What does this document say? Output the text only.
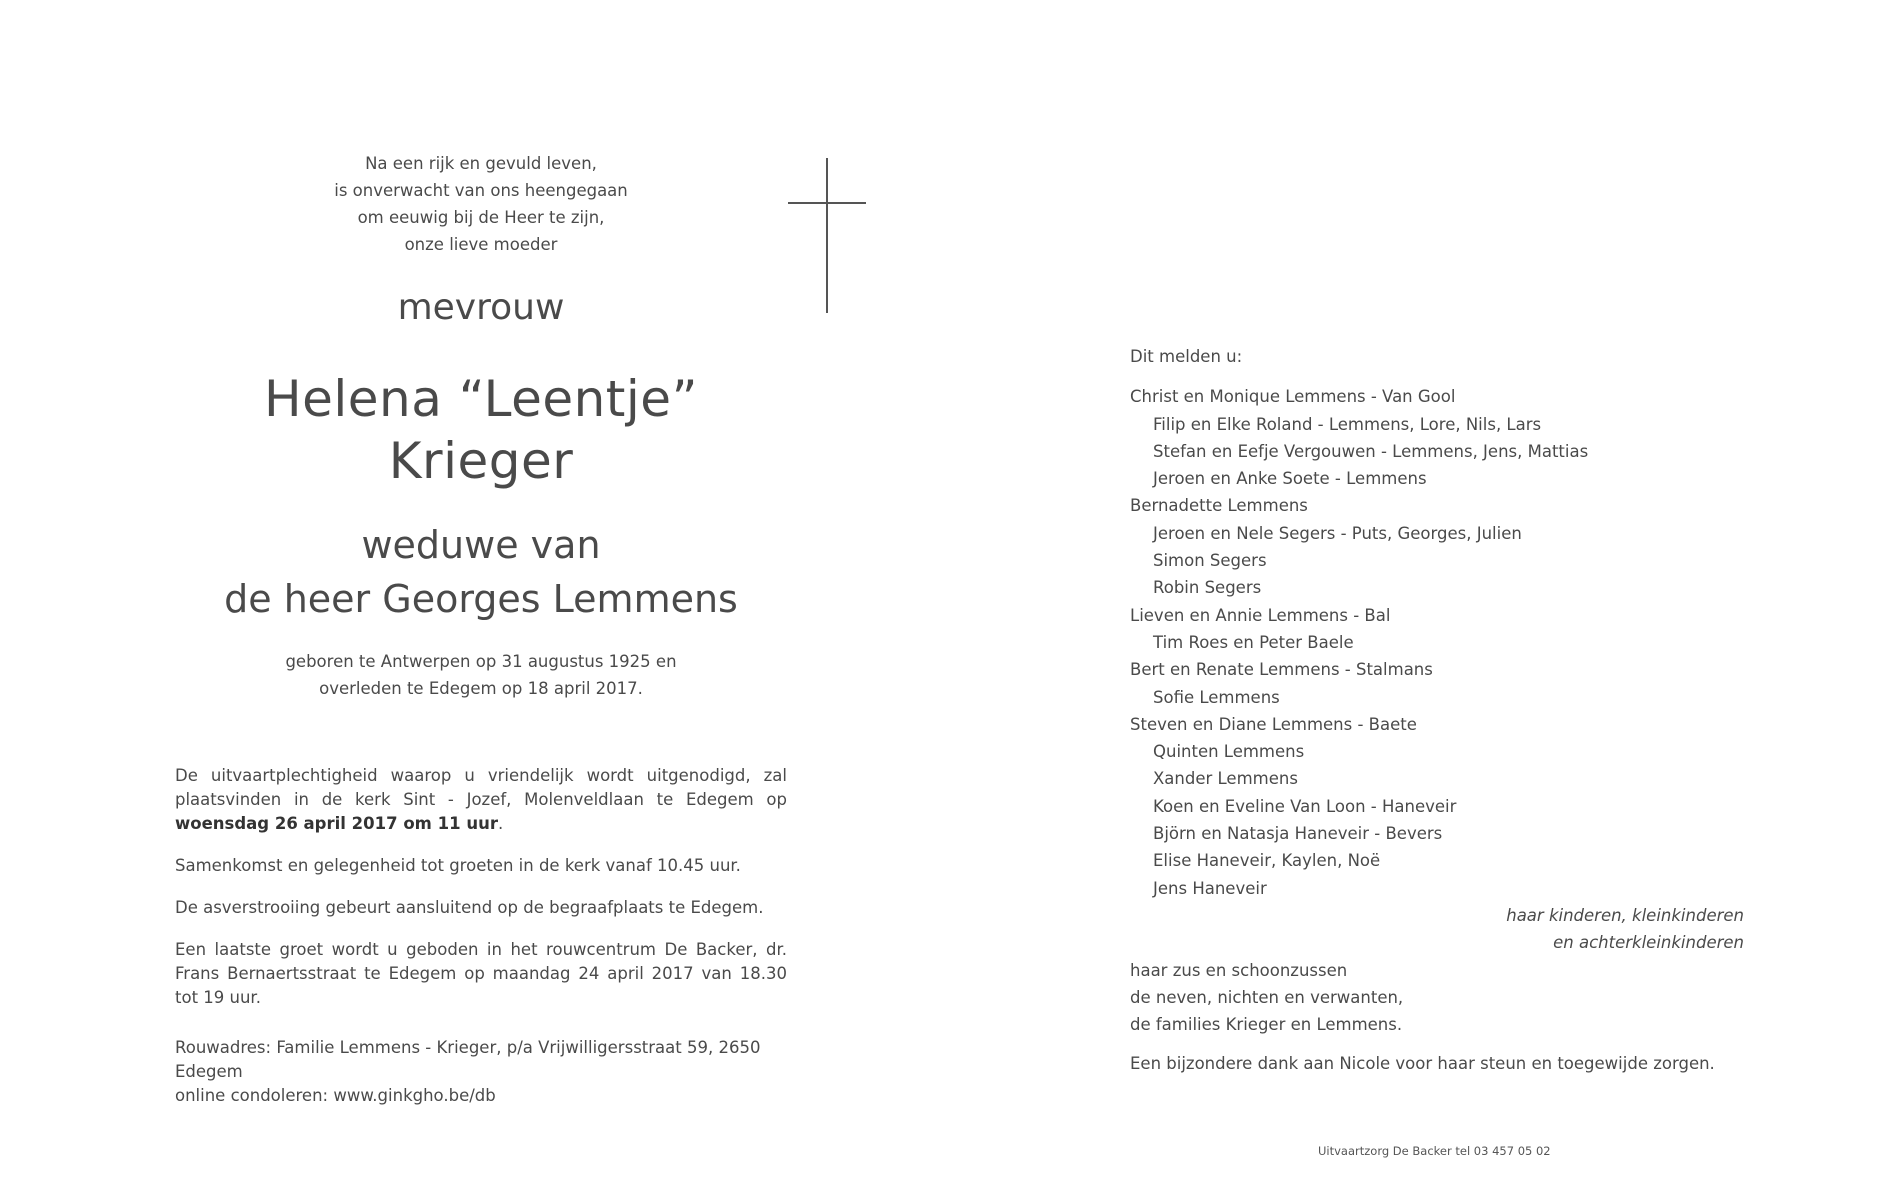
Na een rijk en gevuld leven,

is onverwacht van ons heengegaan

om eeuwig bij de Heer te zijn,

onze lieve moeder

mevrouw

Helena “Leentje” Krieger

weduwe van
de heer Georges Lemmens

geboren te Antwerpen op 31 augustus 1925 en
overleden te Edegem op 18 april 2017.

De uitvaartplechtigheid waarop u vriendelijk wordt uitgenodigd, zal plaatsvinden in de kerk Sint - Jozef, Molenveldlaan te Edegem op woensdag 26 april 2017 om 11 uur.

Samenkomst en gelegenheid tot groeten in de kerk vanaf 10.45 uur.

De asverstrooiing gebeurt aansluitend op de begraafplaats te Edegem.

Een laatste groet wordt u geboden in het rouwcentrum De Backer, dr. Frans Bernaertsstraat te Edegem op maandag 24 april 2017 van 18.30 tot 19 uur.

Rouwadres: Familie Lemmens - Krieger, p/a Vrijwilligersstraat 59, 2650 Edegem
online condoleren: www.ginkgho.be/db

Dit melden u:

Christ en Monique Lemmens - Van Gool

Filip en Elke Roland - Lemmens, Lore, Nils, Lars

Stefan en Eefje Vergouwen - Lemmens, Jens, Mattias

Jeroen en Anke Soete - Lemmens

Bernadette Lemmens

Jeroen en Nele Segers - Puts, Georges, Julien

Simon Segers

Robin Segers

Lieven en Annie Lemmens - Bal

Tim Roes en Peter Baele

Bert en Renate Lemmens - Stalmans

Sofie Lemmens

Steven en Diane Lemmens - Baete

Quinten Lemmens

Xander Lemmens

Koen en Eveline Van Loon - Haneveir

Björn en Natasja Haneveir - Bevers

Elise Haneveir, Kaylen, Noë

Jens Haneveir

haar kinderen, kleinkinderen

en achterkleinkinderen

haar zus en schoonzussen

de neven, nichten en verwanten,

de families Krieger en Lemmens.

Een bijzondere dank aan Nicole voor haar steun en toegewijde zorgen.

Uitvaartzorg De Backer tel 03 457 05 02
